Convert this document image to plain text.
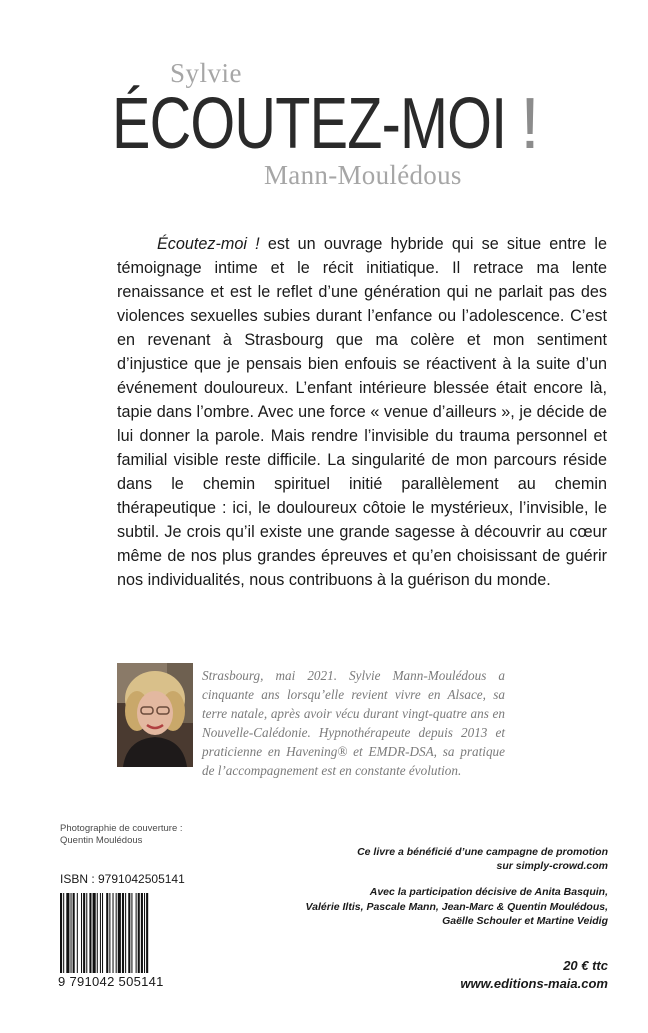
Sylvie
ÉCOUTEZ-MOI !
Mann-Moulédous
Écoutez-moi ! est un ouvrage hybride qui se situe entre le témoignage intime et le récit initiatique. Il retrace ma lente renaissance et est le reflet d’une génération qui ne parlait pas des violences sexuelles subies durant l’enfance ou l’adolescence. C’est en revenant à Strasbourg que ma colère et mon sentiment d’injustice que je pensais bien enfouis se réactivent à la suite d’un événement douloureux. L’enfant intérieure blessée était encore là, tapie dans l’ombre. Avec une force « venue d’ailleurs », je décide de lui donner la parole. Mais rendre l’invisible du trauma personnel et familial visible reste difficile. La singularité de mon parcours réside dans le chemin spirituel initié parallèlement au chemin thérapeutique : ici, le douloureux côtoie le mystérieux, l’invisible, le subtil. Je crois qu’il existe une grande sagesse à découvrir au cœur même de nos plus grandes épreuves et qu’en choisissant de guérir nos individualités, nous contribuons à la guérison du monde.
Strasbourg, mai 2021. Sylvie Mann-Moulédous a cinquante ans lorsqu’elle revient vivre en Alsace, sa terre natale, après avoir vécu durant vingt-quatre ans en Nouvelle-Calédonie. Hypnothérapeute depuis 2013 et praticienne en Havening® et EMDR-DSA, sa pratique de l’accompagnement est en constante évolution.
Photographie de couverture :
Quentin Moulédous
Ce livre a bénéficié d’une campagne de promotion
sur simply-crowd.com
Avec la participation décisive de Anita Basquin,
Valérie Iltis, Pascale Mann, Jean-Marc & Quentin Moulédous,
Gaëlle Schouler et Martine Veidig
ISBN : 9791042505141
9 791042 505141
20 € ttc
www.editions-maia.com
